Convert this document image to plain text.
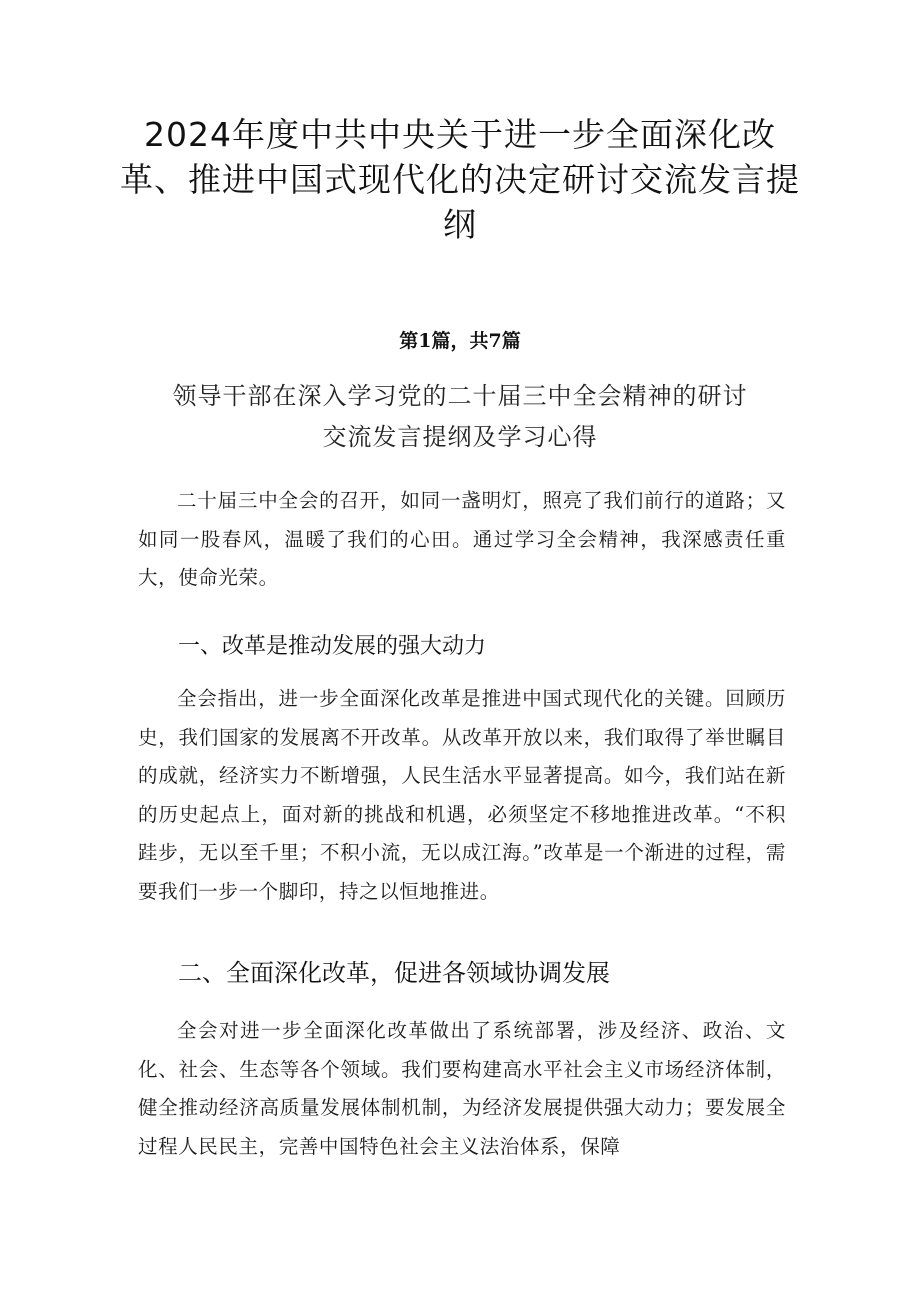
2024年度中共中央关于进一步全面深化改革、推进中国式现代化的决定研讨交流发言提纲
第1篇，共7篇
领导干部在深入学习党的二十届三中全会精神的研讨交流发言提纲及学习心得

二十届三中全会的召开，如同一盏明灯，照亮了我们前行的道路；又如同一股春风，温暖了我们的心田。通过学习全会精神，我深感责任重大，使命光荣。

一、改革是推动发展的强大动力

全会指出，进一步全面深化改革是推进中国式现代化的关键。回顾历史，我们国家的发展离不开改革。从改革开放以来，我们取得了举世瞩目的成就，经济实力不断增强，人民生活水平显著提高。如今，我们站在新的历史起点上，面对新的挑战和机遇，必须坚定不移地推进改革。“不积跬步，无以至千里；不积小流，无以成江海。”改革是一个渐进的过程，需要我们一步一个脚印，持之以恒地推进。

二、全面深化改革，促进各领域协调发展

全会对进一步全面深化改革做出了系统部署，涉及经济、政治、文化、社会、生态等各个领域。我们要构建高水平社会主义市场经济体制，健全推动经济高质量发展体制机制，为经济发展提供强大动力；要发展全过程人民民主，完善中国特色社会主义法治体系，保障
